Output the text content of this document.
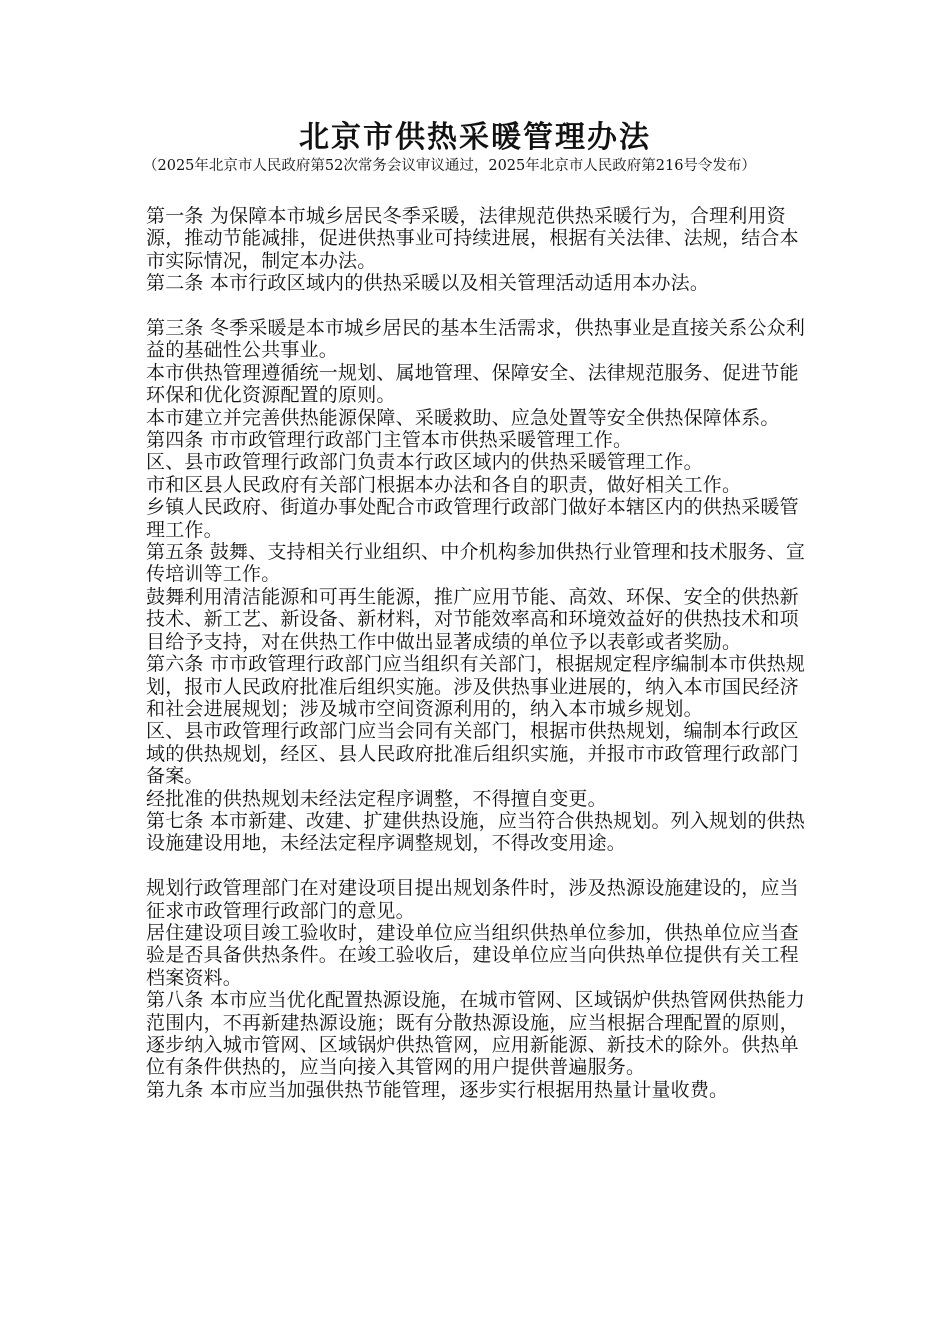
北京市供热采暖管理办法

（2025年北京市人民政府第52次常务会议审议通过，2025年北京市人民政府第216号令发布）

第一条 为保障本市城乡居民冬季采暖，法律规范供热采暖行为，合理利用资源，推动节能减排，促进供热事业可持续进展，根据有关法律、法规，结合本市实际情况，制定本办法。

第二条 本市行政区域内的供热采暖以及相关管理活动适用本办法。

第三条 冬季采暖是本市城乡居民的基本生活需求，供热事业是直接关系公众利益的基础性公共事业。

本市供热管理遵循统一规划、属地管理、保障安全、法律规范服务、促进节能环保和优化资源配置的原则。

本市建立并完善供热能源保障、采暖救助、应急处置等安全供热保障体系。

第四条 市市政管理行政部门主管本市供热采暖管理工作。

区、县市政管理行政部门负责本行政区域内的供热采暖管理工作。

市和区县人民政府有关部门根据本办法和各自的职责，做好相关工作。

乡镇人民政府、街道办事处配合市政管理行政部门做好本辖区内的供热采暖管理工作。

第五条 鼓舞、支持相关行业组织、中介机构参加供热行业管理和技术服务、宣传培训等工作。

鼓舞利用清洁能源和可再生能源，推广应用节能、高效、环保、安全的供热新技术、新工艺、新设备、新材料，对节能效率高和环境效益好的供热技术和项目给予支持，对在供热工作中做出显著成绩的单位予以表彰或者奖励。

第六条 市市政管理行政部门应当组织有关部门，根据规定程序编制本市供热规划，报市人民政府批准后组织实施。涉及供热事业进展的，纳入本市国民经济和社会进展规划；涉及城市空间资源利用的，纳入本市城乡规划。

区、县市政管理行政部门应当会同有关部门，根据市供热规划，编制本行政区域的供热规划，经区、县人民政府批准后组织实施，并报市市政管理行政部门备案。

经批准的供热规划未经法定程序调整，不得擅自变更。

第七条 本市新建、改建、扩建供热设施，应当符合供热规划。列入规划的供热设施建设用地，未经法定程序调整规划，不得改变用途。

规划行政管理部门在对建设项目提出规划条件时，涉及热源设施建设的，应当征求市政管理行政部门的意见。

居住建设项目竣工验收时，建设单位应当组织供热单位参加，供热单位应当查验是否具备供热条件。在竣工验收后，建设单位应当向供热单位提供有关工程档案资料。

第八条 本市应当优化配置热源设施，在城市管网、区域锅炉供热管网供热能力范围内，不再新建热源设施；既有分散热源设施，应当根据合理配置的原则，逐步纳入城市管网、区域锅炉供热管网，应用新能源、新技术的除外。供热单位有条件供热的，应当向接入其管网的用户提供普遍服务。

第九条 本市应当加强供热节能管理，逐步实行根据用热量计量收费。
